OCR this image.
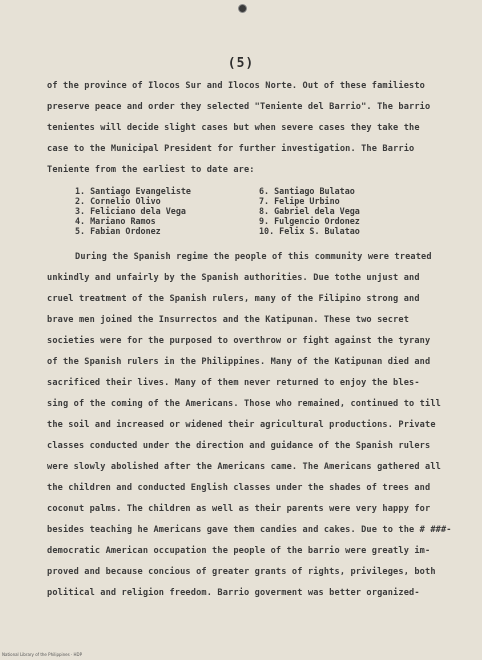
(5)
of the province of Ilocos Sur and Ilocos Norte. Out of these familiesto
preserve peace and order they selected "Teniente del Barrio". The barrio
tenientes will decide slight cases but when severe cases they take the
case to the Municipal President for further investigation. The Barrio
Teniente from the earliest to date are:
1. Santiago Evangeliste	6. Santiago Bulatao
2. Cornelio Olivo	7. Felipe Urbino
3. Feliciano dela Vega	8. Gabriel dela Vega
4. Mariano Ramos	9. Fulgencio Ordonez
5. Fabian Ordonez	10. Felix S. Bulatao
During the Spanish regime the people of this community were treated
unkindly and unfairly by the Spanish authorities. Due tothe unjust and
cruel treatment of the Spanish rulers, many of the Filipino strong and
brave men joined the Insurrectos and the Katipunan. These two secret
societies were for the purposed to overthrow or fight against the tyrany
of the Spanish rulers in the Philippines. Many of the Katipunan died and
sacrificed their lives. Many of them never returned to enjoy the bles-
sing of the coming of the Americans. Those who remained, continued to till
the soil and increased or widened their agricultural productions. Private
classes conducted under the direction and guidance of the Spanish rulers
were slowly abolished after the Americans came. The Americans gathered all
the children and conducted English classes under the shades of trees and
coconut palms. The children as well as their parents were very happy for
besides teaching he Americans gave them candies and cakes. Due to the # ###-
democratic American occupation the people of the barrio were greatly im-
proved and because concious of greater grants of rights, privileges, both
political and religion freedom. Barrio goverment was better organized-
National Library of the Philippines · HDP
